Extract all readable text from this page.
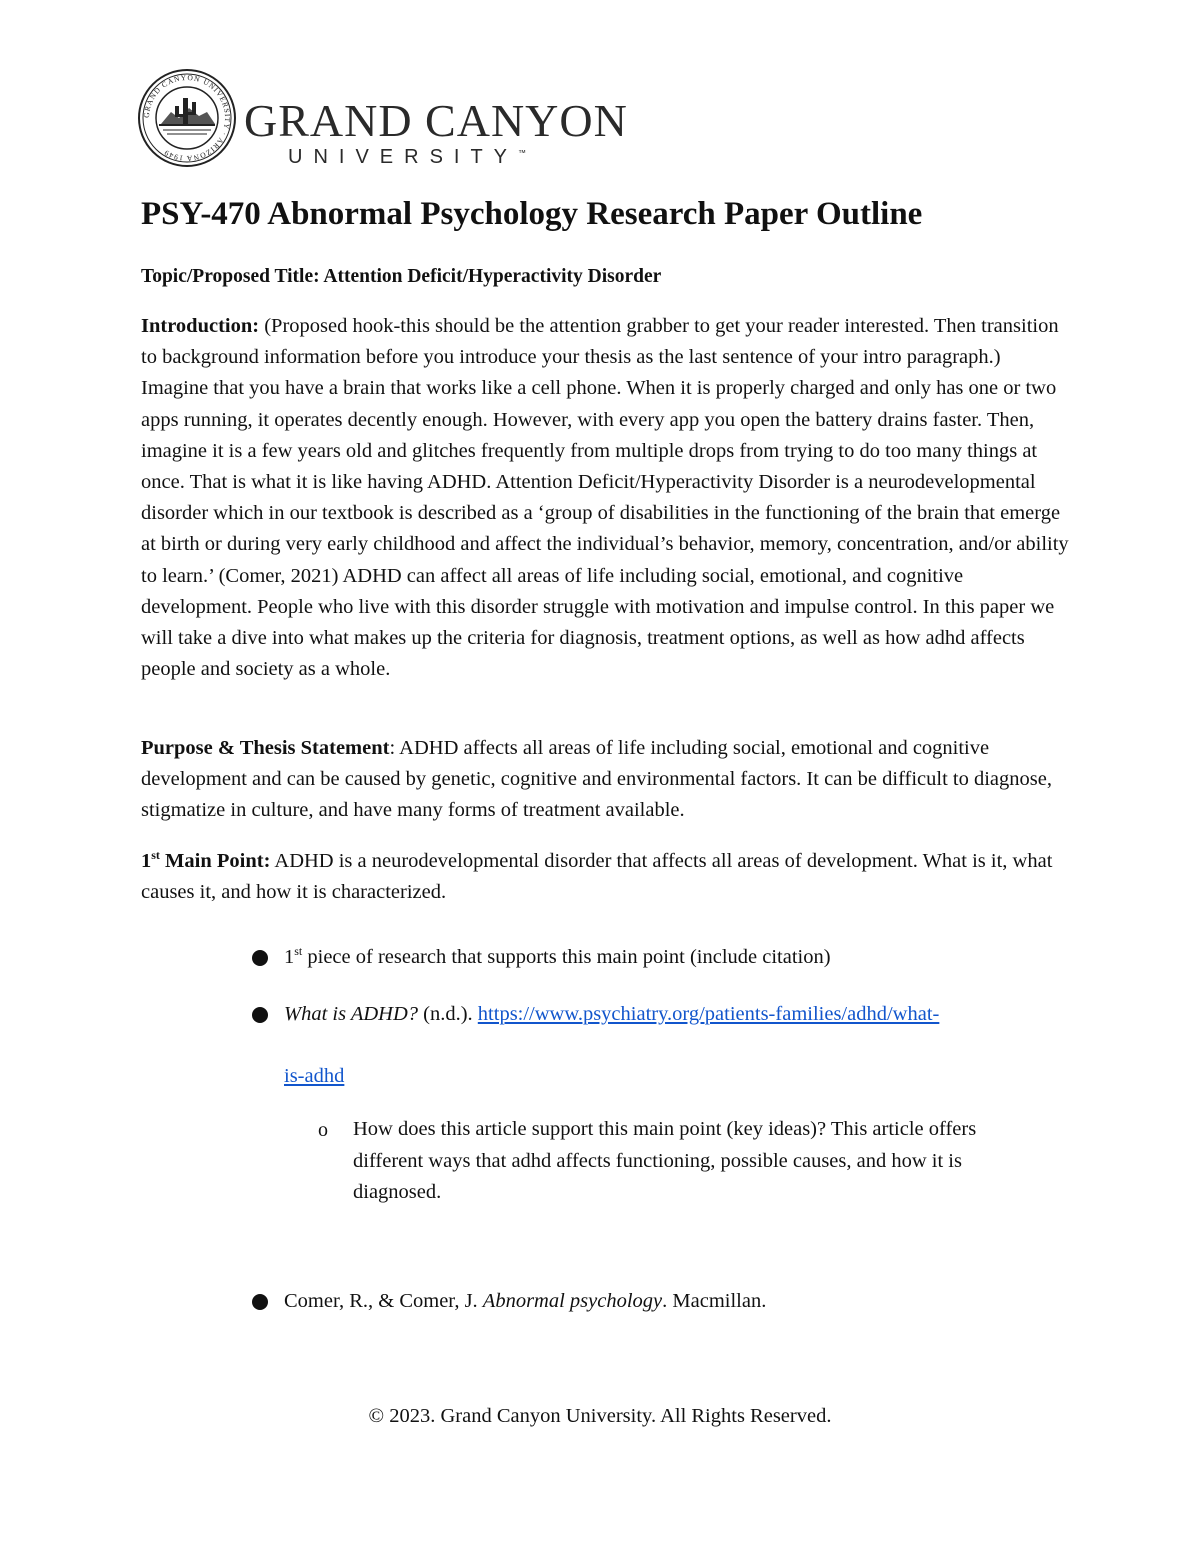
GRAND CANYON UNIVERSITY · ARIZONA 1949
GRAND CANYON
UNIVERSITY™
PSY-470 Abnormal Psychology Research Paper Outline

Topic/Proposed Title: Attention Deficit/Hyperactivity Disorder

Introduction: (Proposed hook-this should be the attention grabber to get your reader interested. Then transition to background information before you introduce your thesis as the last sentence of your intro paragraph.) Imagine that you have a brain that works like a cell phone. When it is properly charged and only has one or two apps running, it operates decently enough. However, with every app you open the battery drains faster. Then, imagine it is a few years old and glitches frequently from multiple drops from trying to do too many things at once. That is what it is like having ADHD. Attention Deficit/Hyperactivity Disorder is a neurodevelopmental disorder which in our textbook is described as a ‘group of disabilities in the functioning of the brain that emerge at birth or during very early childhood and affect the individual’s behavior, memory, concentration, and/or ability to learn.’ (Comer, 2021) ADHD can affect all areas of life including social, emotional, and cognitive development. People who live with this disorder struggle with motivation and impulse control. In this paper we will take a dive into what makes up the criteria for diagnosis, treatment options, as well as how adhd affects people and society as a whole.

Purpose & Thesis Statement: ADHD affects all areas of life including social, emotional and cognitive development and can be caused by genetic, cognitive and environmental factors. It can be difficult to diagnose, stigmatize in culture, and have many forms of treatment available.

1st Main Point: ADHD is a neurodevelopmental disorder that affects all areas of development. What is it, what causes it, and how it is characterized.

1st piece of research that supports this main point (include citation)
What is ADHD? (n.d.). https://www.psychiatry.org/patients-families/adhd/what-
is-adhd
o How does this article support this main point (key ideas)? This article offers different ways that adhd affects functioning, possible causes, and how it is diagnosed.
Comer, R., & Comer, J. Abnormal psychology. Macmillan.
© 2023. Grand Canyon University. All Rights Reserved.
